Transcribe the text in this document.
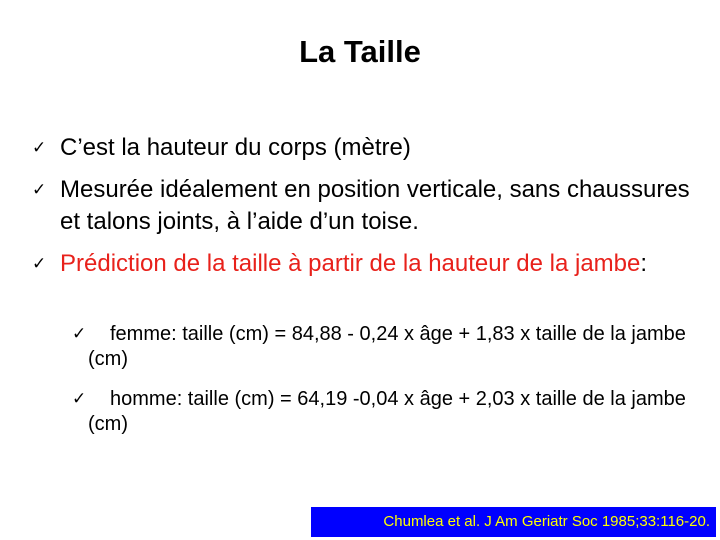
La Taille
✓ C’est la hauteur du corps (mètre)
✓ Mesurée idéalement en position verticale, sans chaussures et talons joints, à l’aide d’un toise.
✓ Prédiction de la taille à partir de la hauteur de la jambe:
✓ femme: taille (cm) = 84,88 - 0,24 x âge + 1,83 x taille de la jambe (cm)
✓ homme: taille (cm) = 64,19 -0,04 x âge + 2,03 x taille de la jambe (cm)
Chumlea et al. J Am Geriatr Soc 1985;33:116-20.
